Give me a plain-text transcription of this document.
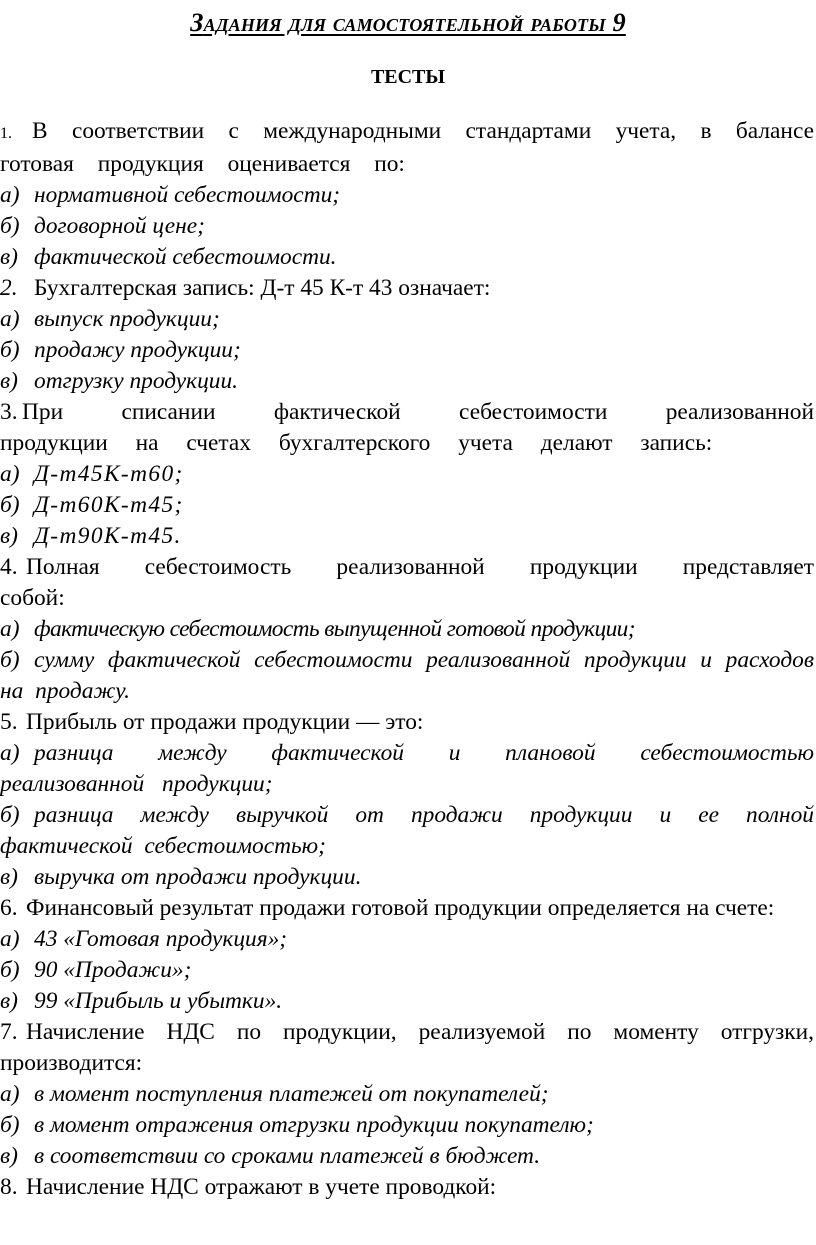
Задания для самостоятельной работы 9
ТЕСТЫ

1. В соответствии с международными стандартами учета, в балансе готовая продукция оценивается по:

а) нормативной себестоимости;

б) договорной цене;

в) фактической себестоимости.

2. Бухгалтерская запись: Д-т 45 К-т 43 означает:

а) выпуск продукции;

б) продажу продукции;

в) отгрузку продукции.

3. При списании фактической себестоимости реализованной продукции на счетах бухгалтерского учета делают запись:

а) Д-т45К-т60;

б) Д-т60К-т45;

в) Д-т90К-т45.

4. Полная себестоимость реализованной продукции представляет собой:

а) фактическую себестоимость выпущенной готовой продукции;

б) сумму фактической себестоимости реализованной продукции и расходов на продажу.

5. Прибыль от продажи продукции — это:

а) разница между фактической и плановой себестоимостью реализованной продукции;

б) разница между выручкой от продажи продукции и ее полной фактической себестоимостью;

в) выручка от продажи продукции.

6. Финансовый результат продажи готовой продукции определяется на счете:

а) 43 «Готовая продукция»;

б) 90 «Продажи»;

в) 99 «Прибыль и убытки».

7. Начисление НДС по продукции, реализуемой по моменту отгрузки, производится:

а) в момент поступления платежей от покупателей;

б) в момент отражения отгрузки продукции покупателю;

в) в соответствии со сроками платежей в бюджет.

8. Начисление НДС отражают в учете проводкой:
